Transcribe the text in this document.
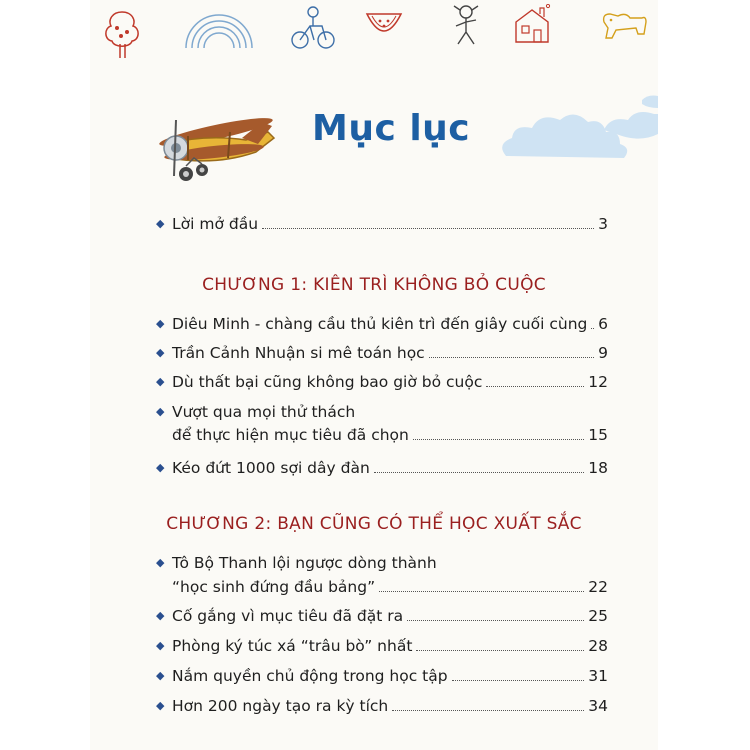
Mục lục
◆ Lời mở đầu	3
CHƯƠNG 1: KIÊN TRÌ KHÔNG BỎ CUỘC
◆ Diêu Minh - chàng cầu thủ kiên trì đến giây cuối cùng 6
◆ Trần Cảnh Nhuận si mê toán học	9
◆ Dù thất bại cũng không bao giờ bỏ cuộc	12
◆ Vượt qua mọi thử thách
để thực hiện mục tiêu đã chọn	15
◆ Kéo đứt 1000 sợi dây đàn	18
CHƯƠNG 2: BẠN CŨNG CÓ THỂ HỌC XUẤT SẮC
◆ Tô Bộ Thanh lội ngược dòng thành
“học sinh đứng đầu bảng”	22
◆ Cố gắng vì mục tiêu đã đặt ra	25
◆ Phòng ký túc xá “trâu bò” nhất	28
◆ Nắm quyền chủ động trong học tập	31
◆ Hơn 200 ngày tạo ra kỳ tích	34
